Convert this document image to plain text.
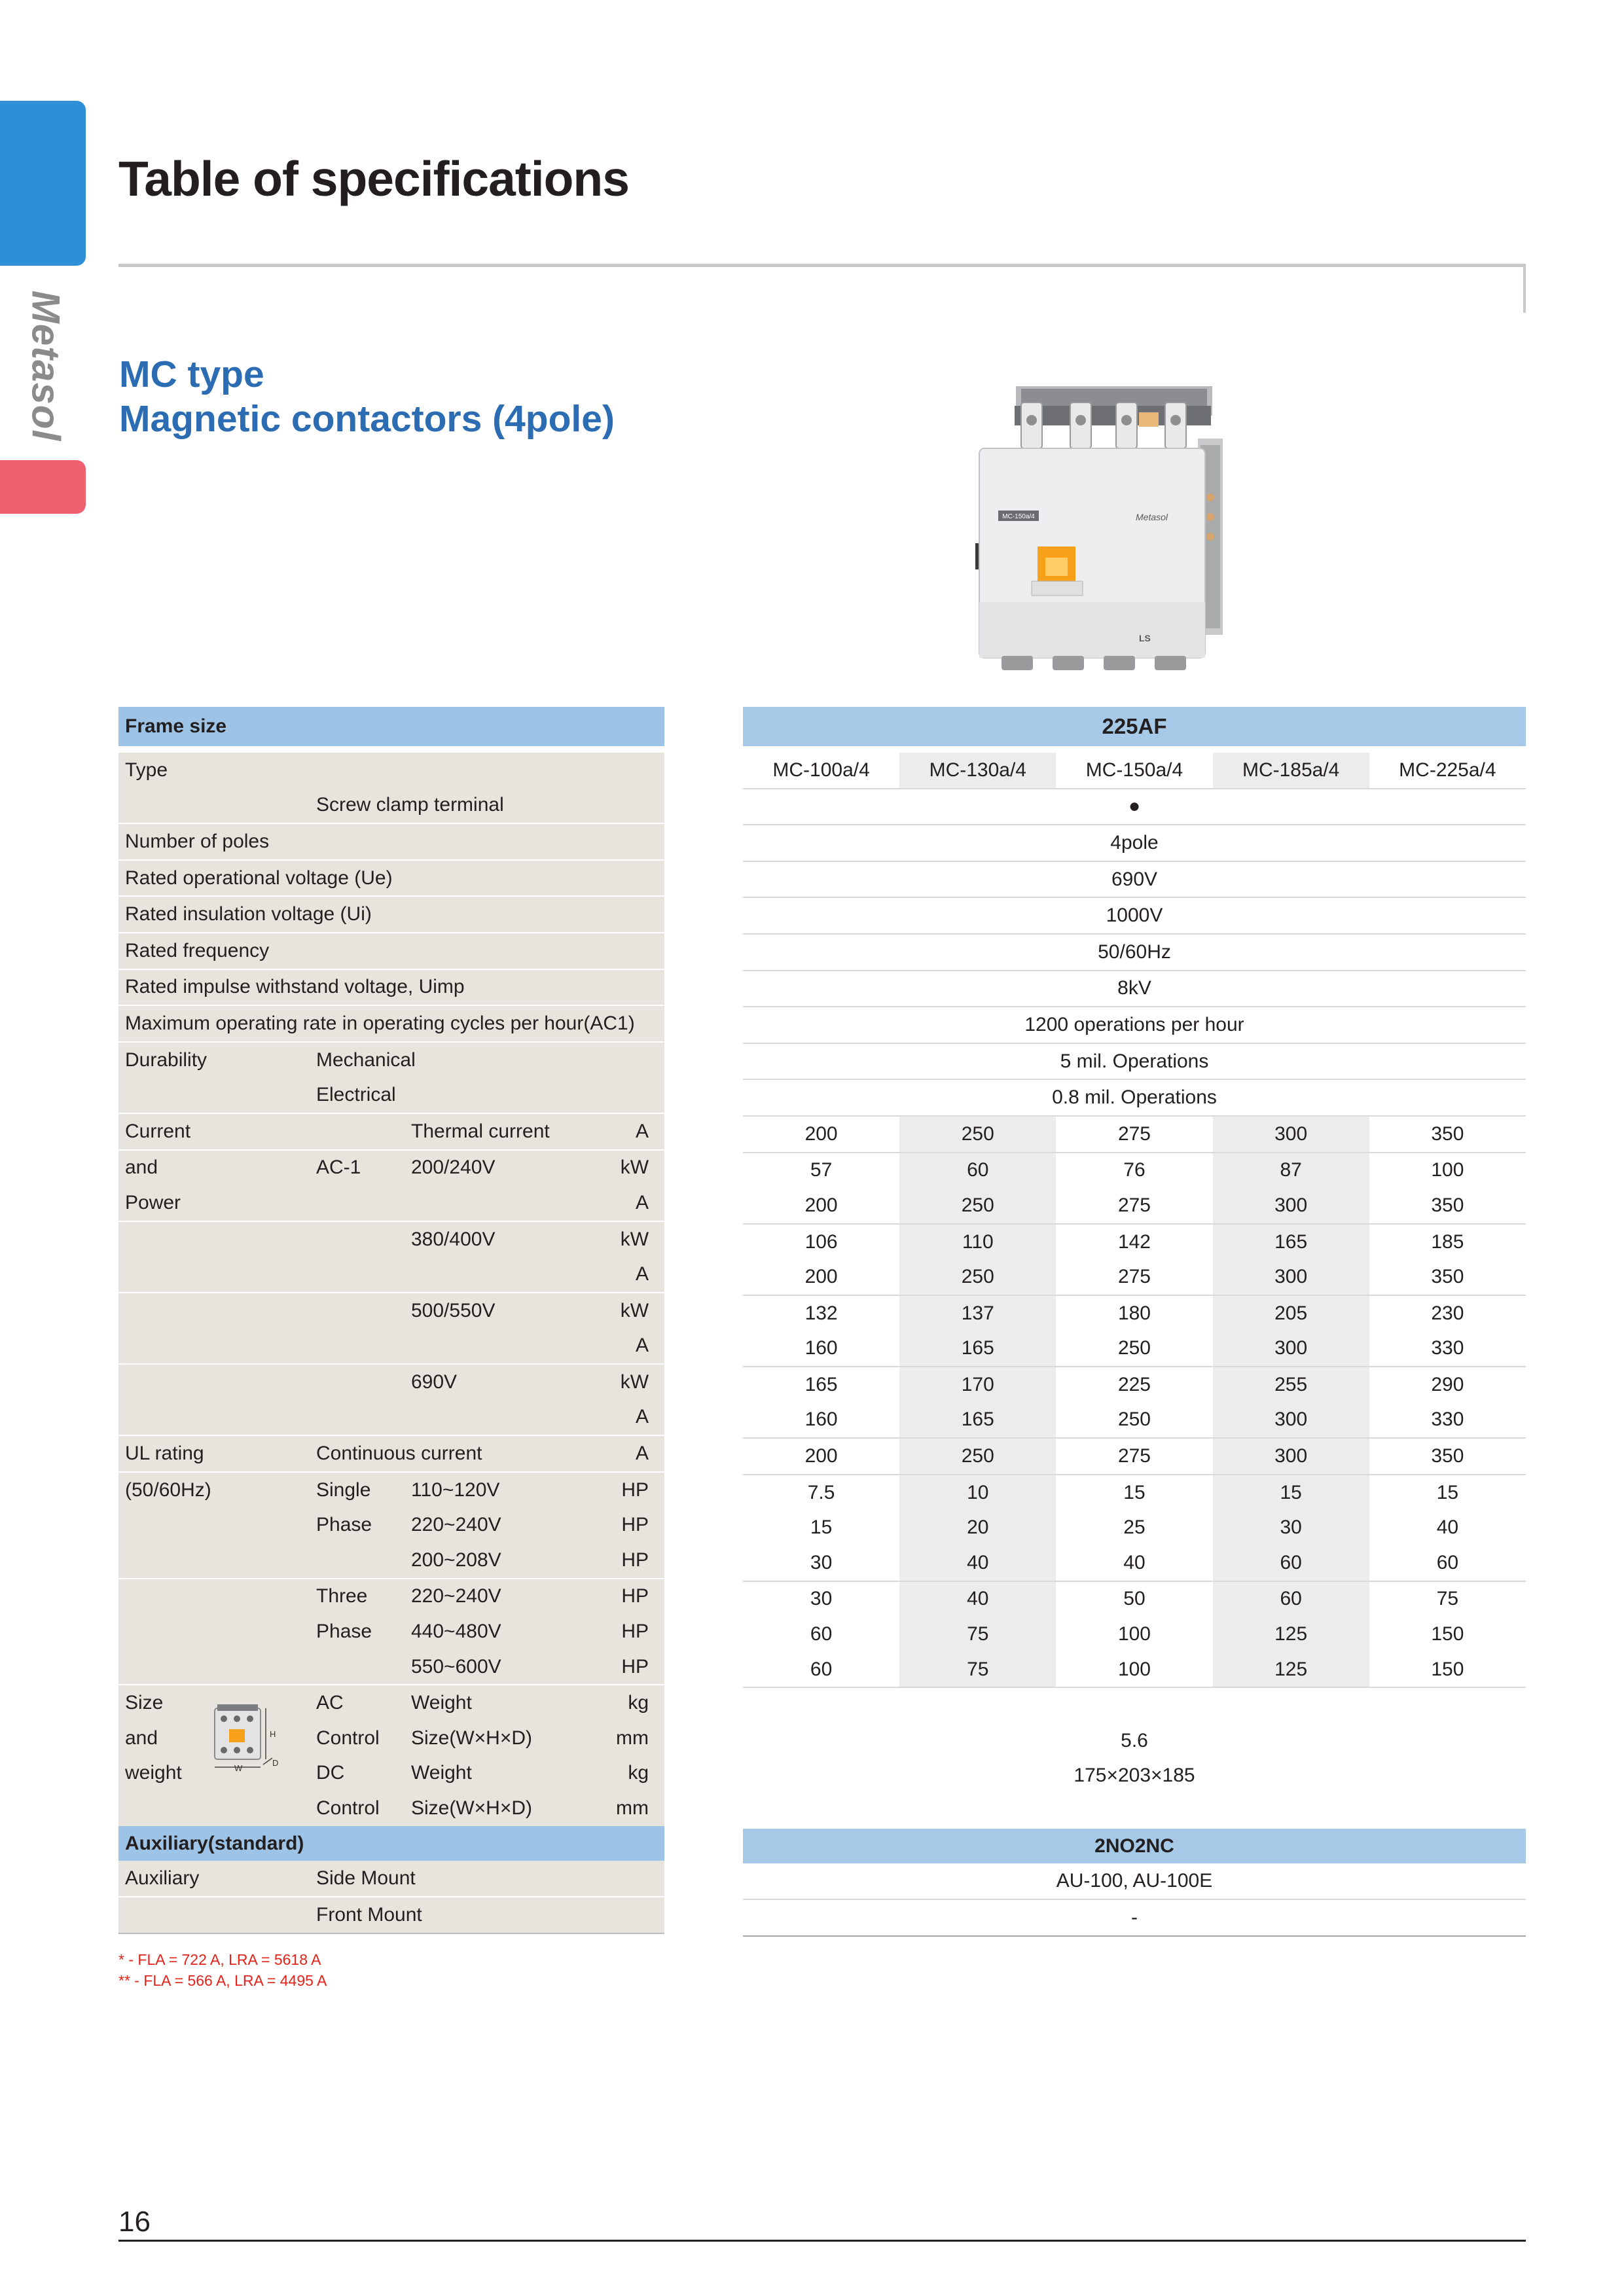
Metasol
Table of specifications
MC type
Magnetic contactors (4pole)
MC-150a/4	Metasol
LS
Frame size			

Type			
	Screw clamp terminal		
Number of poles			
Rated operational voltage (Ue)			
Rated insulation voltage (Ui)			
Rated frequency			
Rated impulse withstand voltage, Uimp			
Maximum operating rate in operating cycles per hour(AC1)			
Durability	Mechanical		
	Electrical		
Current		Thermal current	A
and	AC-1	200/240V	kW
Power			A
		380/400V	kW
			A
		500/550V	kW
			A
		690V	kW
			A
UL rating	Continuous current		A
(50/60Hz)	Single	110~120V	HP
	Phase	220~240V	HP
		200~208V	HP
	Three	220~240V	HP
	Phase	440~480V	HP
		550~600V	HP
Size	AC	Weight	kg
and	Control	Size(W×H×D)	mm
weight	DC	Weight	kg
	Control	Size(W×H×D)	mm
Auxiliary(standard)			
Auxiliary	Side Mount		
	Front Mount		
H
W
D
225AF				

MC-100a/4	MC-130a/4	MC-150a/4	MC-185a/4	MC-225a/4
●				
4pole				
690V				
1000V				
50/60Hz				
8kV				
1200 operations per hour				
5 mil. Operations				
0.8 mil. Operations				
200	250	275	300	350
57	60	76	87	100
200	250	275	300	350
106	110	142	165	185
200	250	275	300	350
132	137	180	205	230
160	165	250	300	330
165	170	225	255	290
160	165	250	300	330
200	250	275	300	350
7.5	10	15	15	15
15	20	25	30	40
30	40	40	60	60
30	40	50	60	75
60	75	100	125	150
60	75	100	125	150

5.6				
175×203×185				

2NO2NC				
AU-100, AU-100E				
-				
* - FLA = 722 A, LRA = 5618 A
** - FLA = 566 A, LRA = 4495 A
16
